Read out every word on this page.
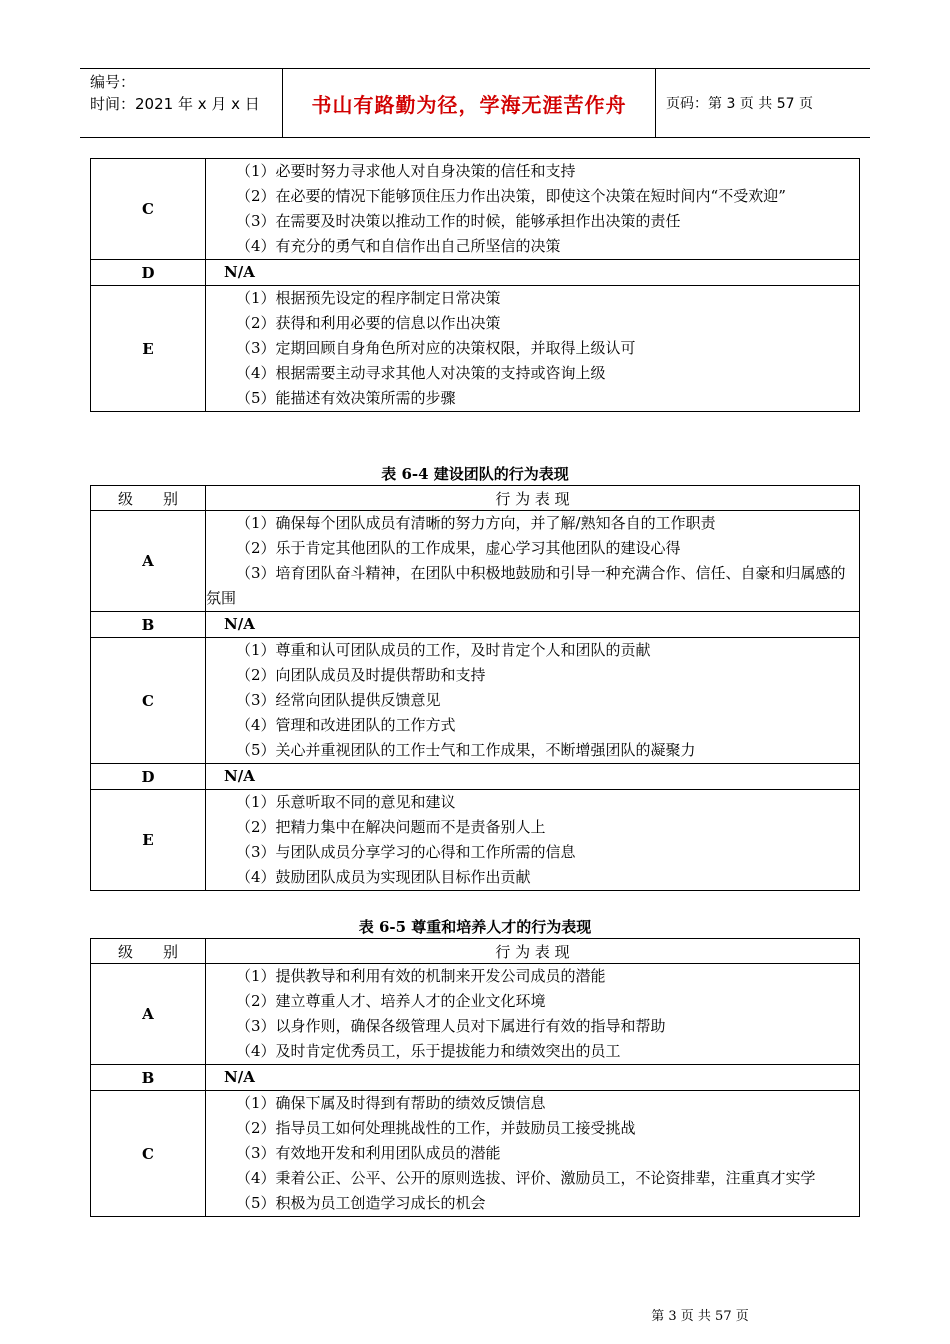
编号：
时间：2021 年 x 月 x 日	书山有路勤为径，学海无涯苦作舟	页码：第 3 页 共 57 页
C	（1）必要时努力寻求他人对自身决策的信任和支持
（2）在必要的情况下能够顶住压力作出决策，即使这个决策在短时间内“不受欢迎”
（3）在需要及时决策以推动工作的时候，能够承担作出决策的责任
（4）有充分的勇气和自信作出自己所坚信的决策

D	N/A

E	（1）根据预先设定的程序制定日常决策
（2）获得和利用必要的信息以作出决策
（3）定期回顾自身角色所对应的决策权限，并取得上级认可
（4）根据需要主动寻求其他人对决策的支持或咨询上级
（5）能描述有效决策所需的步骤
表 6-4 建设团队的行为表现
级　　别	行 为 表 现
A	（1）确保每个团队成员有清晰的努力方向，并了解/熟知各自的工作职责
（2）乐于肯定其他团队的工作成果，虚心学习其他团队的建设心得
（3）培育团队奋斗精神，在团队中积极地鼓励和引导一种充满合作、信任、自豪和归属感的氛围

B	N/A

C	（1）尊重和认可团队成员的工作，及时肯定个人和团队的贡献
（2）向团队成员及时提供帮助和支持
（3）经常向团队提供反馈意见
（4）管理和改进团队的工作方式
（5）关心并重视团队的工作士气和工作成果，不断增强团队的凝聚力

D	N/A

E	（1）乐意听取不同的意见和建议
（2）把精力集中在解决问题而不是责备别人上
（3）与团队成员分享学习的心得和工作所需的信息
（4）鼓励团队成员为实现团队目标作出贡献
表 6-5 尊重和培养人才的行为表现
级　　别	行 为 表 现
A	（1）提供教导和利用有效的机制来开发公司成员的潜能
（2）建立尊重人才、培养人才的企业文化环境
（3）以身作则，确保各级管理人员对下属进行有效的指导和帮助
（4）及时肯定优秀员工，乐于提拔能力和绩效突出的员工

B	N/A

C	（1）确保下属及时得到有帮助的绩效反馈信息
（2）指导员工如何处理挑战性的工作，并鼓励员工接受挑战
（3）有效地开发和利用团队成员的潜能
（4）秉着公正、公平、公开的原则选拔、评价、激励员工，不论资排辈，注重真才实学
（5）积极为员工创造学习成长的机会
第 3 页 共 57 页
